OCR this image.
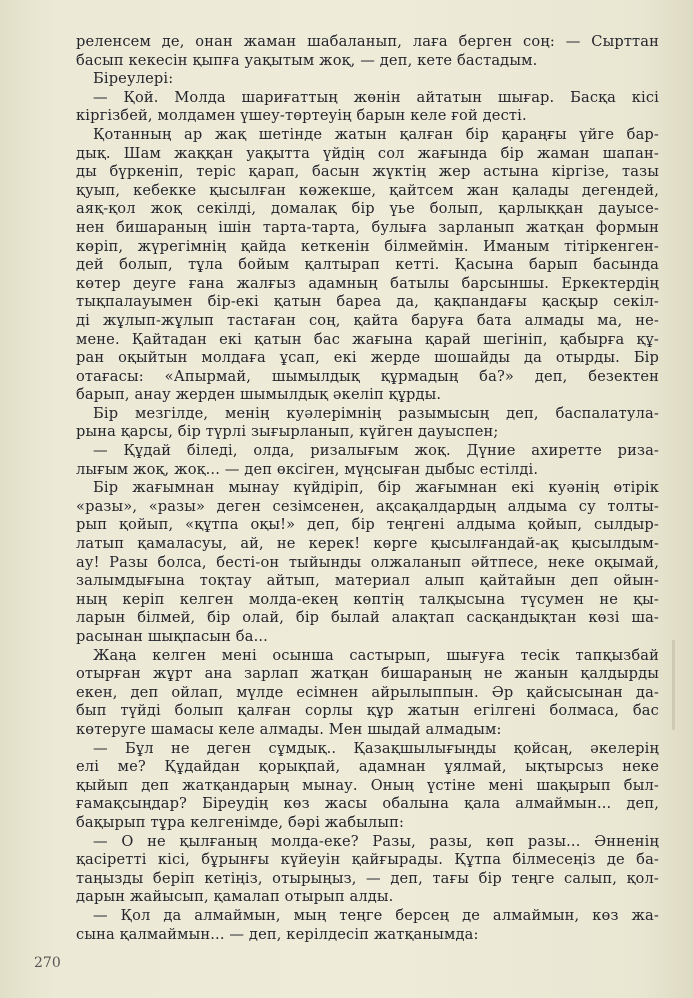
реленсем де, онан жаман шабаланып, лаға берген соң: — Сырттан
басып кекесін қыпға уақытым жоқ, — деп, кете бастадым.
Біреулері:
— Қой. Молда шариғаттың жөнін айтатын шығар. Басқа кісі
кіргізбей, молдамен үшеу-төртеуің барын келе ғой десті.
Қотанның ар жақ шетінде жатын қалған бір қараңғы үйге бар-
дық. Шам жаққан уақытта үйдің сол жағында бір жаман шапан-
ды бүркеніп, теріс қарап, басын жүктің жер астына кіргізе, тазы
қуып, кебекке қысылған көжекше, қайтсем жан қалады дегендей,
аяқ-қол жоқ секілді, домалақ бір үье болып, қарлыққан дауысе-
нен бишараның ішін тарта-тарта, булыға зарланып жатқан формын
көріп, жүрегімнің қайда кеткенін білмеймін. Иманым тітіркенген-
дей болып, тұла бойым қалтырап кетті. Қасына барып басында
көтер деуге ғана жалғыз адамның батылы барсыншы. Еркектердің
тықпалауымен бір-екі қатын бареа да, қақпандағы қасқыр секіл-
ді жұлып-жұлып тастаған соң, қайта баруға бата алмады ма, не-
мене. Қайтадан екі қатын бас жағына қарай шегініп, қабырға құ-
ран оқыйтын молдаға ұсап, екі жерде шошайды да отырды. Бір
отағасы: «Апырмай, шымылдық құрмадың ба?» деп, безектен
барып, анау жерден шымылдық әкеліп құрды.
Бір мезгілде, менің куәлерімнің разымысың деп, баспалатула-
рына қарсы, бір түрлі зығырланып, күйген дауыспен;
— Құдай біледі, олда, ризалығым жоқ. Дүние ахиретте риза-
лығым жоқ, жоқ... — деп өксіген, мүңсыған дыбыс естілді.
Бір жағымнан мынау күйдіріп, бір жағымнан екі куәнің өтірік
«разы», «разы» деген сезімсенен, ақсақалдардың алдыма су толты-
рып қойып, «құтпа оқы!» деп, бір теңгені алдыма қойып, сылдыр-
латып қамаласуы, ай, не керек! көрге қысылғандай-ақ қысылдым-
ау! Разы болса, бесті-он тыйынды олжаланып әйтпесе, неке оқымай,
залымдығына тоқтау айтып, материал алып қайтайын деп ойын-
ның керіп келген молда-екең көптің талқысына түсумен не қы-
ларын білмей, бір олай, бір былай алақтап сасқандықтан көзі ша-
расынан шықпасын ба...
Жаңа келген мені осынша састырып, шығуға тесік тапқызбай
отырған жұрт ана зарлап жатқан бишараның не жанын қалдырды
екен, деп ойлап, мүлде есімнен айрылыппын. Әр қайсысынан да-
бып түйді болып қалған сорлы құр жатын егілгені болмаса, бас
көтеруге шамасы келе алмады. Мен шыдай алмадым:
— Бұл не деген сұмдық.. Қазақшылығыңды қойсаң, әкелерің
елі ме? Құдайдан қорықпай, адамнан ұялмай, ықтырсыз неке
қыйып деп жатқандарың мынау. Оның үстіне мені шақырып был-
ғамақсыңдар? Біреудің көз жасы обалына қала алмаймын... деп,
бақырып тұра келгенімде, бәрі жабылып:
— О не қылғаның молда-еке? Разы, разы, көп разы... Әнненің
қасіретті кісі, бұрынғы күйеуін қайғырады. Құтпа білмесеңіз де ба-
таңызды беріп кетіңіз, отырыңыз, — деп, тағы бір теңге салып, қол-
дарын жайысып, қамалап отырып алды.
— Қол да алмаймын, мың теңге берсең де алмаймын, көз жа-
сына қалмаймын... — деп, керілдесіп жатқанымда:
270
